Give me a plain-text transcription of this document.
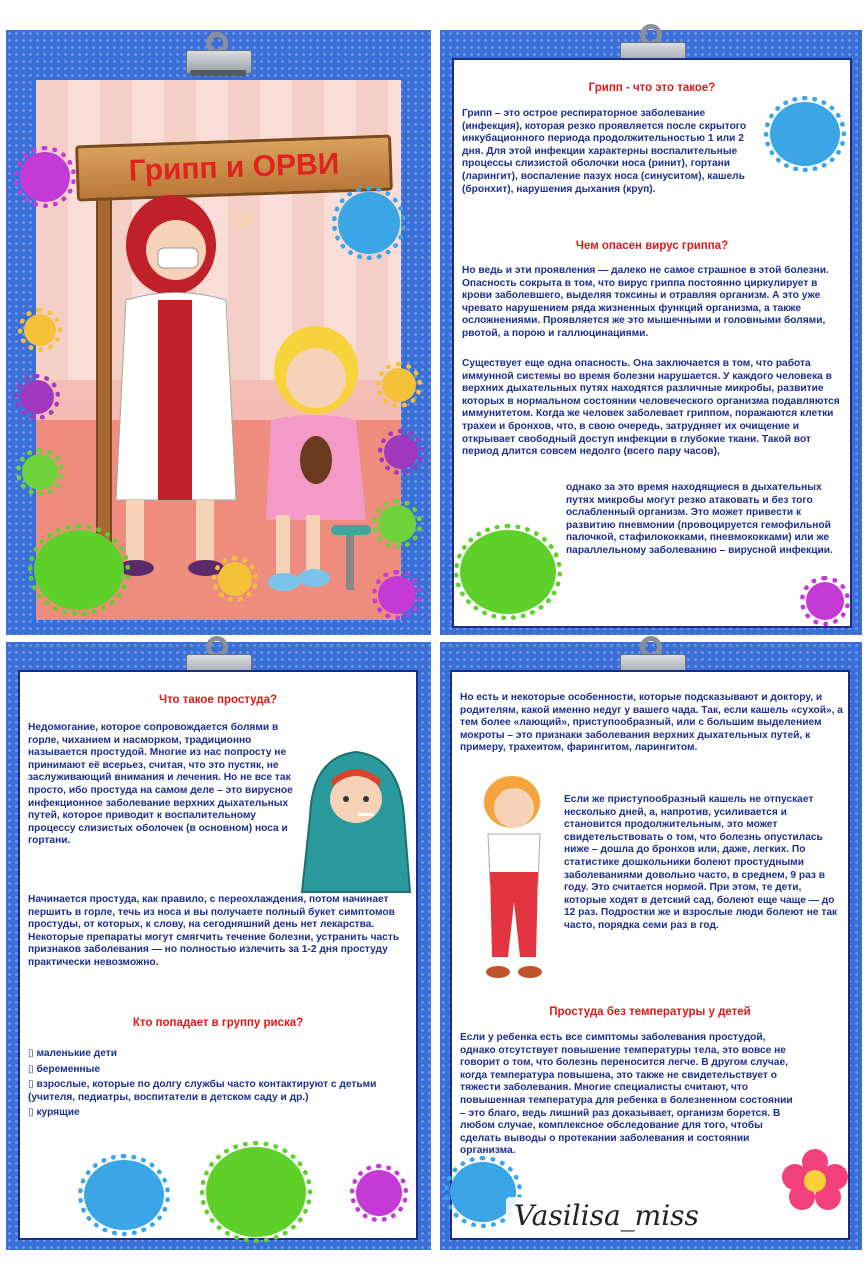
Грипп и ОРВИ

Грипп - что это такое?

Грипп – это острое респираторное заболевание (инфекция), которая резко проявляется после скрытого инкубационного периода продолжительностью 1 или 2 дня. Для этой инфекции характерны воспалительные процессы слизистой оболочки носа (ринит), гортани (ларингит), воспаление пазух носа (синуситом), кашель (бронхит), нарушения дыхания (круп).

Чем опасен вирус гриппа?

Но ведь и эти проявления — далеко не самое страшное в этой болезни. Опасность сокрыта в том, что вирус гриппа постоянно циркулирует в крови заболевшего, выделяя токсины и отравляя организм. А это уже чревато нарушением ряда жизненных функций организма, а также осложнениями. Проявляется же это мышечными и головными болями, рвотой, а порою и галлюцинациями.

Существует еще одна опасность. Она заключается в том, что работа иммунной системы во время болезни нарушается. У каждого человека в верхних дыхательных путях находятся различные микробы, развитие которых в нормальном состоянии человеческого организма подавляются иммунитетом. Когда же человек заболевает гриппом, поражаются клетки трахеи и бронхов, что, в свою очередь, затрудняет их очищение и открывает свободный доступ инфекции в глубокие ткани. Такой вот период длится совсем недолго (всего пару часов),

однако за это время находящиеся в дыхательных путях микробы могут резко атаковать и без того ослабленный организм. Это может привести к развитию пневмонии (провоцируется гемофильной палочкой, стафилококками, пневмококками) или же параллельному заболеванию – вирусной инфекции.

Что такое простуда?

Недомогание, которое сопровождается болями в горле, чиханием и насморком, традиционно называется простудой. Многие из нас попросту не принимают её всерьез, считая, что это пустяк, не заслуживающий внимания и лечения. Но не все так просто, ибо простуда на самом деле – это вирусное инфекционное заболевание верхних дыхательных путей, которое приводит к воспалительному процессу слизистых оболочек (в основном) носа и гортани.

Начинается простуда, как правило, с переохлаждения, потом начинает першить в горле, течь из носа и вы получаете полный букет симптомов простуды, от которых, к слову, на сегодняшний день нет лекарства. Некоторые препараты могут смягчить течение болезни, устранить часть признаков заболевания — но полностью излечить за 1-2 дня простуду практически невозможно.

Кто попадает в группу риска?

▯ маленькие дети

▯ беременные

▯ взрослые, которые по долгу службы часто контактируют с детьми (учителя, педиатры, воспитатели в детском саду и др.)

▯ курящие

Но есть и некоторые особенности, которые подсказывают и доктору, и родителям, какой именно недуг у вашего чада. Так, если кашель «сухой», а тем более «лающий», приступообразный, или с большим выделением мокроты – это признаки заболевания верхних дыхательных путей, к примеру, трахеитом, фарингитом, ларингитом.

Если же приступообразный кашель не отпускает несколько дней, а, напротив, усиливается и становится продолжительным, это может свидетельствовать о том, что болезнь опустилась ниже – дошла до бронхов или, даже, легких. По статистике дошкольники болеют простудными заболеваниями довольно часто, в среднем, 9 раз в году. Это считается нормой. При этом, те дети, которые ходят в детский сад, болеют еще чаще — до 12 раз. Подростки же и взрослые люди болеют не так часто, порядка семи раз в год.

Простуда без температуры у детей

Если у ребенка есть все симптомы заболевания простудой, однако отсутствует повышение температуры тела, это вовсе не говорит о том, что болезнь переносится легче. В другом случае, когда температура повышена, это также не свидетельствует о тяжести заболевания. Многие специалисты считают, что повышенная температура для ребенка в болезненном состоянии – это благо, ведь лишний раз доказывает, организм борется. В любом случае, комплексное обследование для того, чтобы сделать выводы о протекании заболевания и состоянии организма.

Vasilisa_miss
